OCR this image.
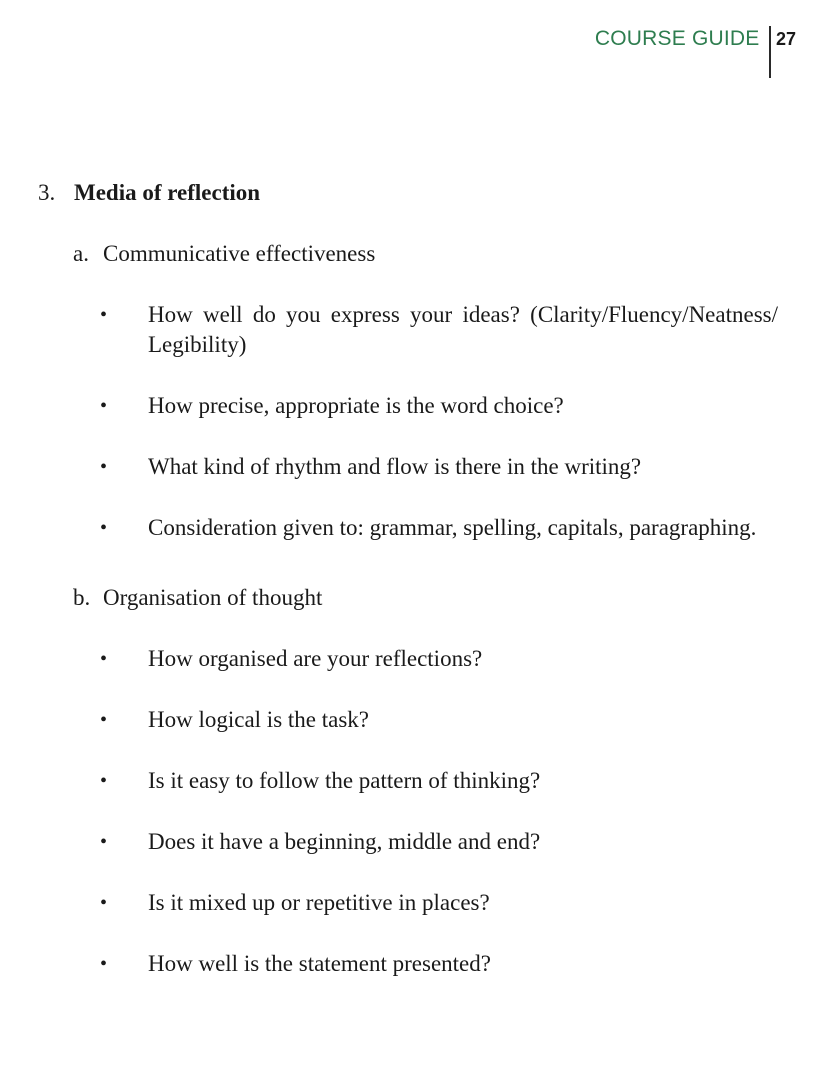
COURSE GUIDE 27
3. Media of reflection
a. Communicative effectiveness
•	How well do you express your ideas? (Clarity/Fluency/Neatness/ Legibility)
•	How precise, appropriate is the word choice?
•	What kind of rhythm and flow is there in the writing?
•	Consideration given to: grammar, spelling, capitals, paragraphing.
b. Organisation of thought
•	How organised are your reflections?
•	How logical is the task?
•	Is it easy to follow the pattern of thinking?
•	Does it have a beginning, middle and end?
•	Is it mixed up or repetitive in places?
•	How well is the statement presented?
